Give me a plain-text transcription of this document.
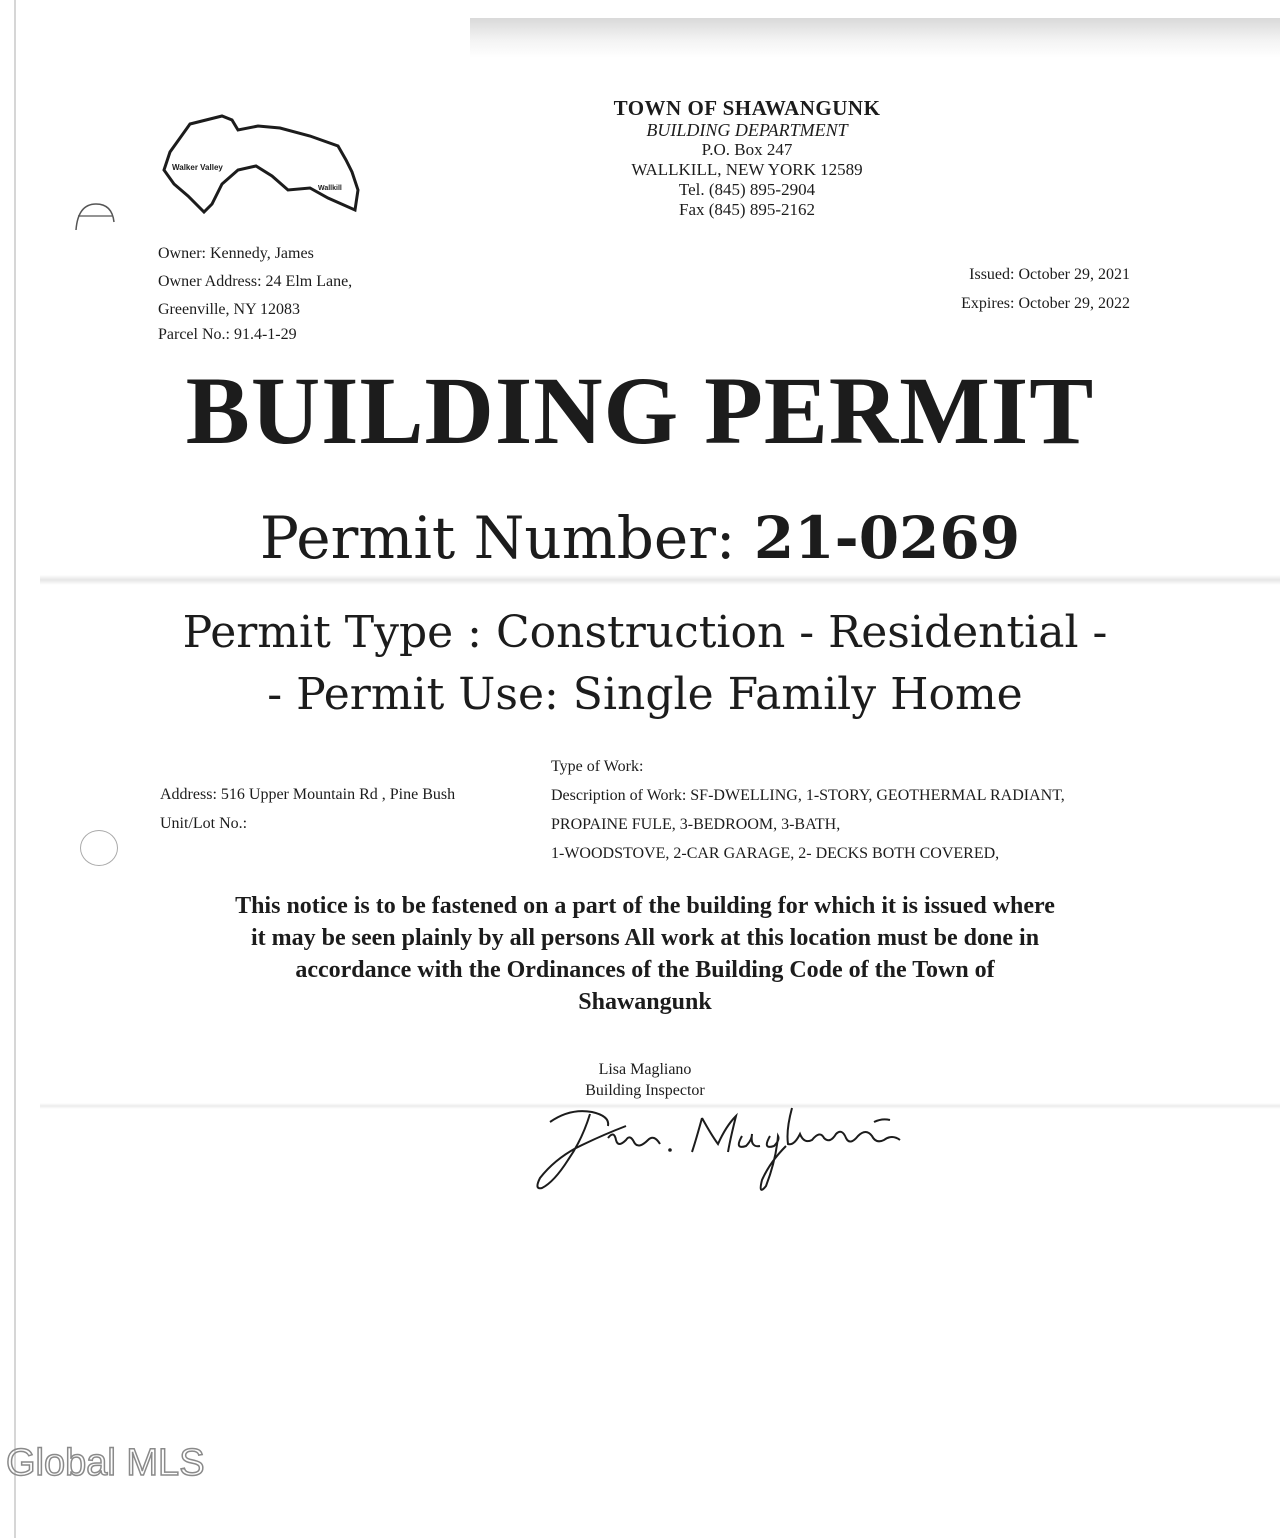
Walker Valley
Wallkill
TOWN OF SHAWANGUNK
BUILDING DEPARTMENT
P.O. Box 247
WALLKILL, NEW YORK 12589
Tel. (845) 895-2904
Fax (845) 895-2162
Owner: Kennedy, James
Owner Address: 24 Elm Lane,
Greenville, NY 12083
Parcel No.: 91.4-1-29
Issued: October 29, 2021
Expires: October 29, 2022
BUILDING PERMIT
Permit Number: 21-0269
Permit Type : Construction - Residential -
- Permit Use: Single Family Home
Address: 516 Upper Mountain Rd , Pine Bush
Unit/Lot No.:
Type of Work:
Description of Work: SF-DWELLING, 1-STORY, GEOTHERMAL RADIANT,
PROPAINE FULE, 3-BEDROOM, 3-BATH,
1-WOODSTOVE, 2-CAR GARAGE, 2- DECKS BOTH COVERED,
This notice is to be fastened on a part of the building for which it is issued where
it may be seen plainly by all persons All work at this location must be done in
accordance with the Ordinances of the Building Code of the Town of
Shawangunk
Lisa Magliano
Building Inspector
Global MLS
